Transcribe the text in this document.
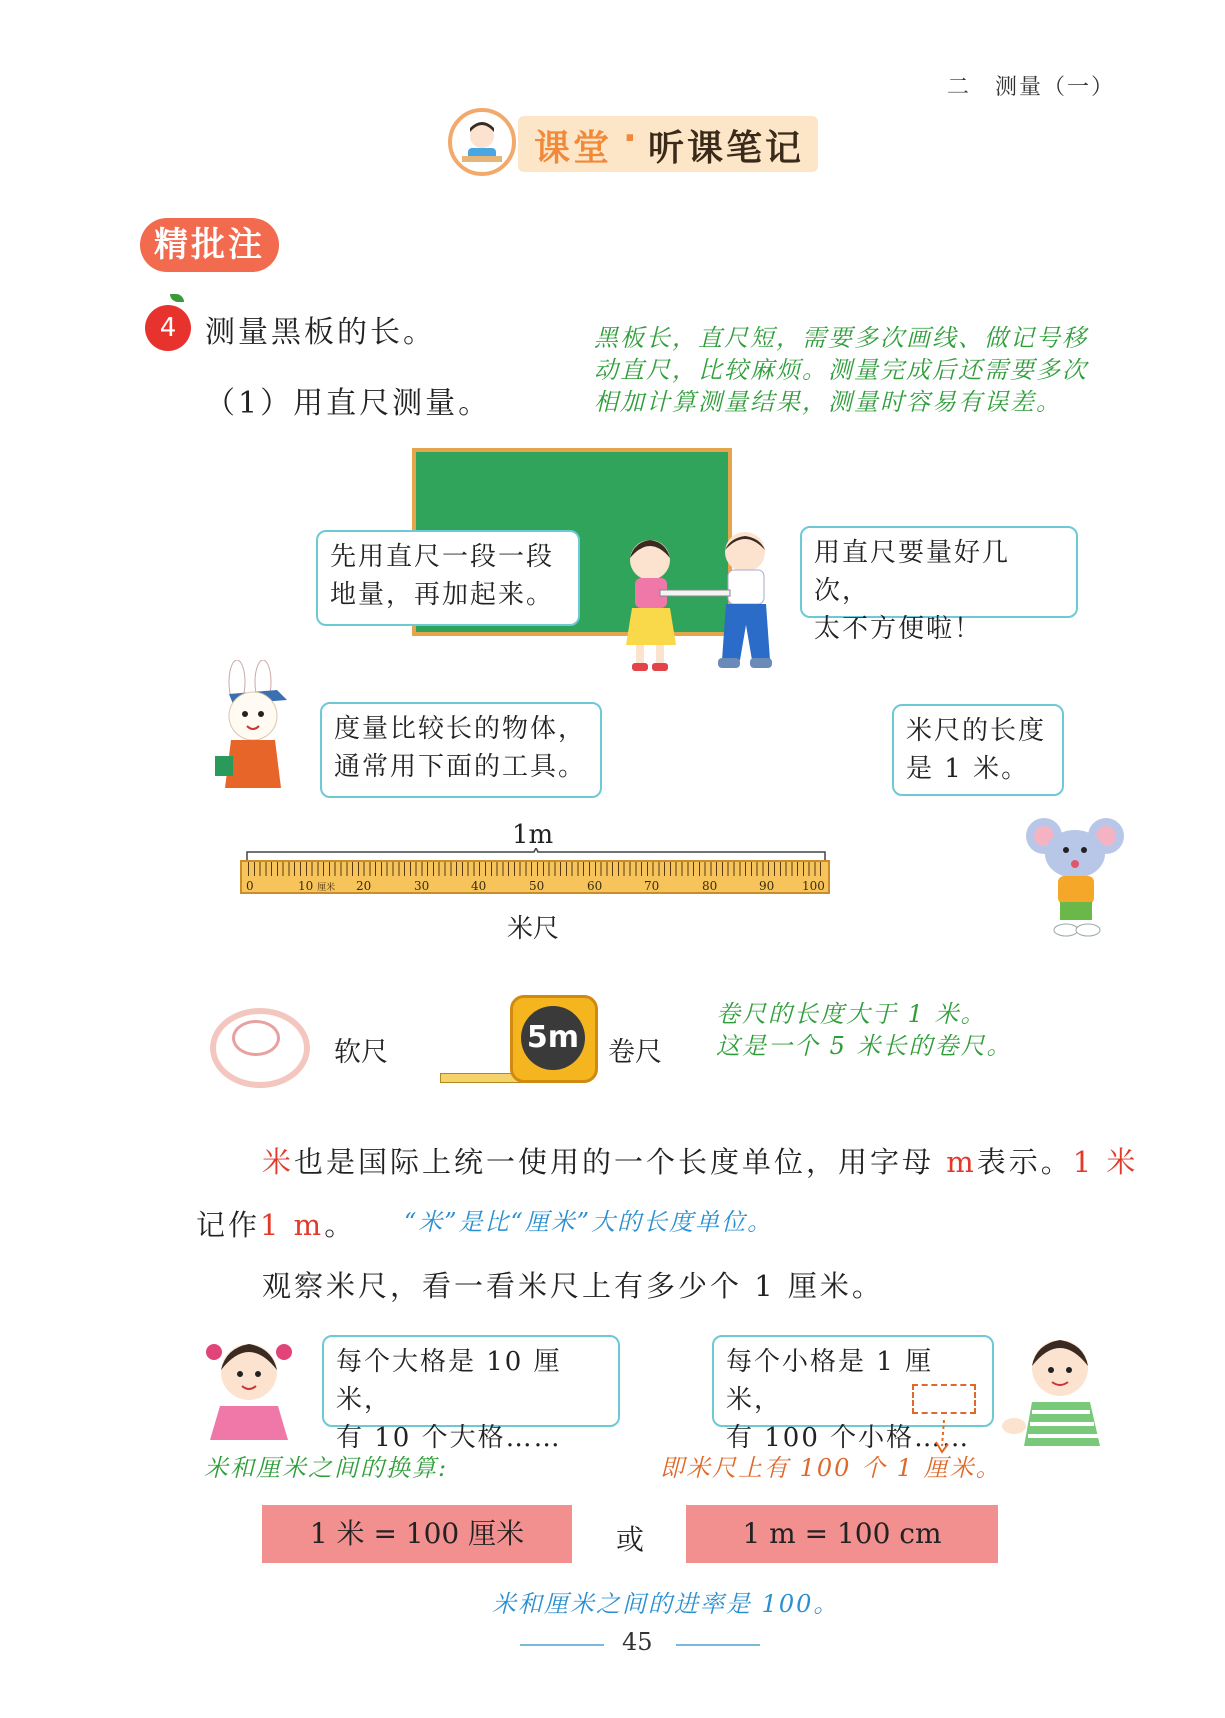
二　测量（一）
课堂 · 听课笔记
精批注
4 测量黑板的长。
（1）用直尺测量。
黑板长，直尺短，需要多次画线、做记号移
动直尺，比较麻烦。测量完成后还需要多次
相加计算测量结果，测量时容易有误差。
先用直尺一段一段
地量，再加起来。
用直尺要量好几次，
太不方便啦！
度量比较长的物体，
通常用下面的工具。
米尺的长度
是 1 米。
1m
0	10 厘米 20	30	40	50	60	70	80	90 100
米尺
软尺	5m 卷尺
卷尺的长度大于 1 米。
这是一个 5 米长的卷尺。
米也是国际上统一使用的一个长度单位，用字母 m表示。1 米
记作1 m。 “米”是比“厘米”大的长度单位。
观察米尺，看一看米尺上有多少个 1 厘米。
每个大格是 10 厘米，
有 10 个大格……
每个小格是 1 厘米，
有 100 个小格……
米和厘米之间的换算:	即米尺上有 100 个 1 厘米。
1 米 = 100 厘米	或	1 m = 100 cm
米和厘米之间的进率是 100。
45
